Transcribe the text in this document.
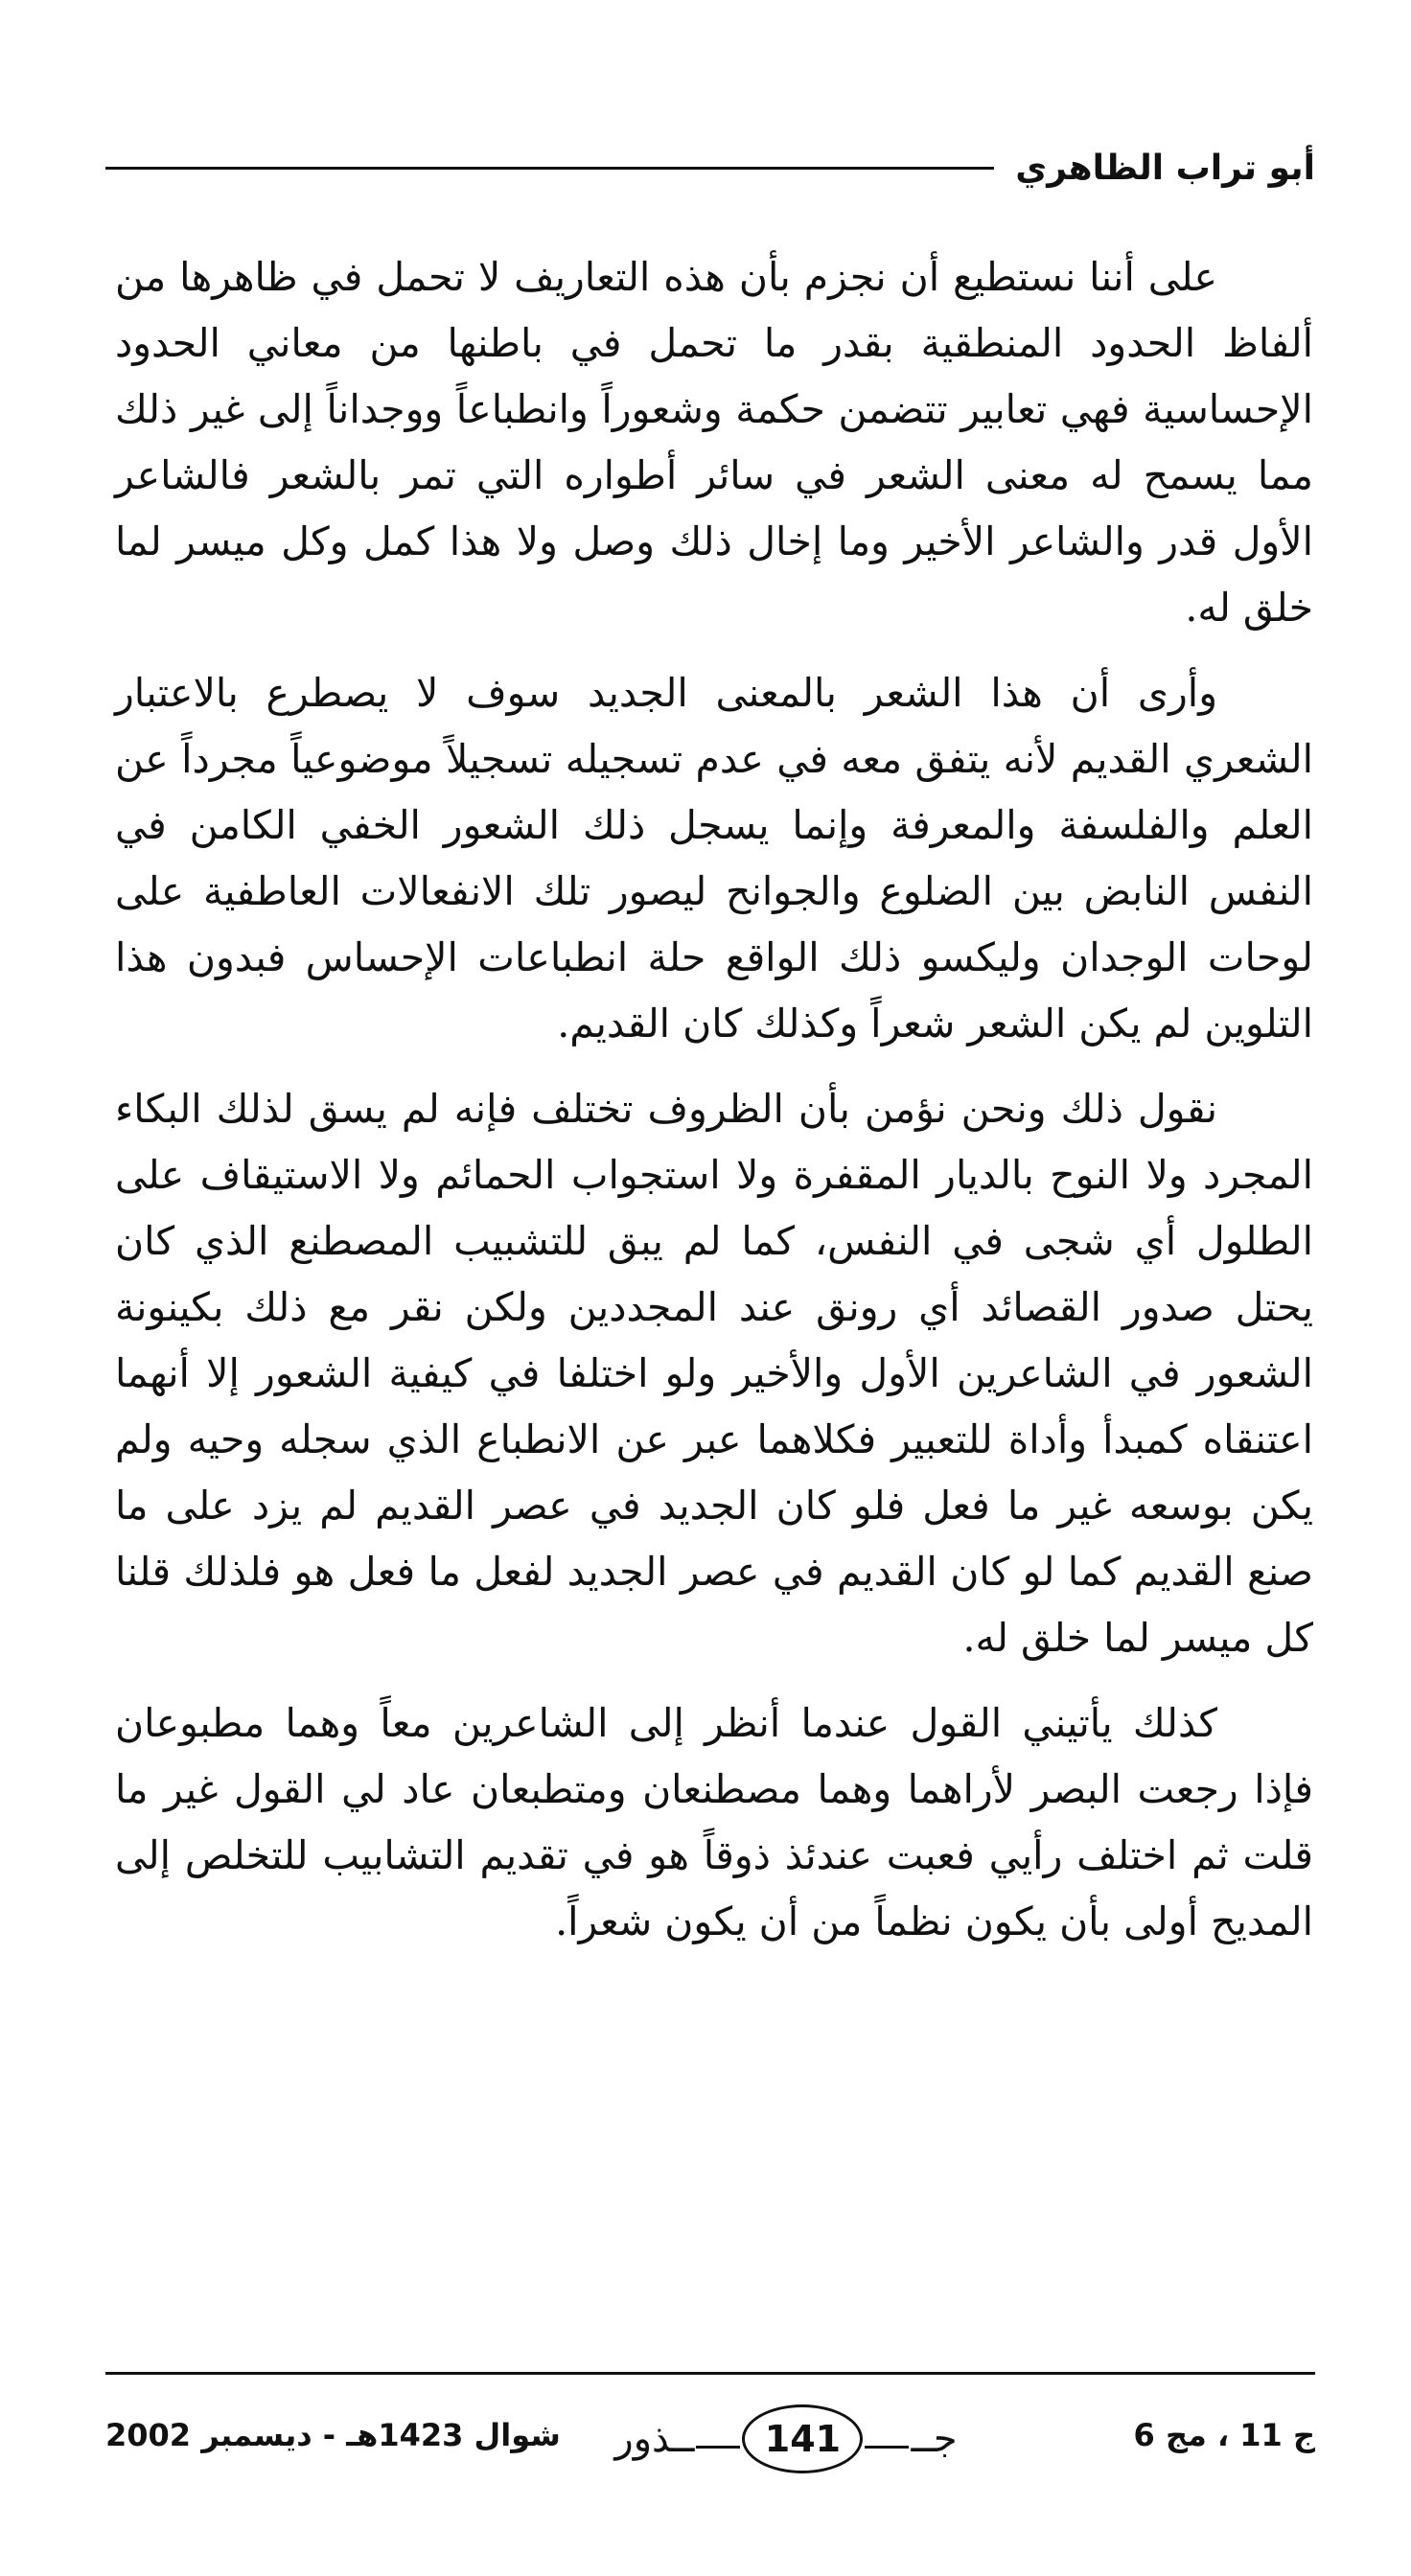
أبو تراب الظاهري

على أننا نستطيع أن نجزم بأن هذه التعاريف لا تحمل في ظاهرها من ألفاظ الحدود المنطقية بقدر ما تحمل في باطنها من معاني الحدود الإحساسية فهي تعابير تتضمن حكمة وشعوراً وانطباعاً ووجداناً إلى غير ذلك مما يسمح له معنى الشعر في سائر أطواره التي تمر بالشعر فالشاعر الأول قدر والشاعر الأخير وما إخال ذلك وصل ولا هذا كمل وكل ميسر لما خلق له.

وأرى أن هذا الشعر بالمعنى الجديد سوف لا يصطرع بالاعتبار الشعري القديم لأنه يتفق معه في عدم تسجيله تسجيلاً موضوعياً مجرداً عن العلم والفلسفة والمعرفة وإنما يسجل ذلك الشعور الخفي الكامن في النفس النابض بين الضلوع والجوانح ليصور تلك الانفعالات العاطفية على لوحات الوجدان وليكسو ذلك الواقع حلة انطباعات الإحساس فبدون هذا التلوين لم يكن الشعر شعراً وكذلك كان القديم.

نقول ذلك ونحن نؤمن بأن الظروف تختلف فإنه لم يسق لذلك البكاء المجرد ولا النوح بالديار المقفرة ولا استجواب الحمائم ولا الاستيقاف على الطلول أي شجى في النفس، كما لم يبق للتشبيب المصطنع الذي كان يحتل صدور القصائد أي رونق عند المجددين ولكن نقر مع ذلك بكينونة الشعور في الشاعرين الأول والأخير ولو اختلفا في كيفية الشعور إلا أنهما اعتنقاه كمبدأ وأداة للتعبير فكلاهما عبر عن الانطباع الذي سجله وحيه ولم يكن بوسعه غير ما فعل فلو كان الجديد في عصر القديم لم يزد على ما صنع القديم كما لو كان القديم في عصر الجديد لفعل ما فعل هو فلذلك قلنا كل ميسر لما خلق له.

كذلك يأتيني القول عندما أنظر إلى الشاعرين معاً وهما مطبوعان فإذا رجعت البصر لأراهما وهما مصطنعان ومتطبعان عاد لي القول غير ما قلت ثم اختلف رأيي فعبت عندئذ ذوقاً هو في تقديم التشابيب للتخلص إلى المديح أولى بأن يكون نظماً من أن يكون شعراً.

ج 11 ، مج 6
ــذور	141	جــ
شوال 1423هـ - ديسمبر 2002
